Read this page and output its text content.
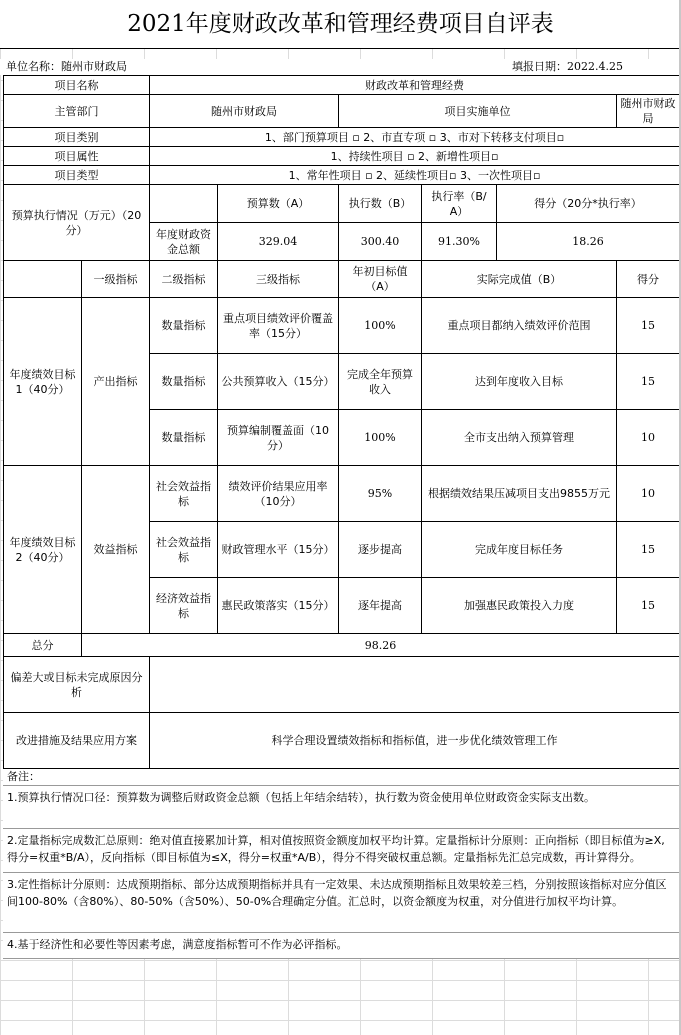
2021年度财政改革和管理经费项目自评表
单位名称：随州市财政局	填报日期：2022.4.25
项目名称		财政改革和管理经费					
主管部门		随州市财政局		项目实施单位			随州市财政局
项目类别		1、部门预算项目 ▫ 2、市直专项 ▫ 3、市对下转移支付项目▫					
项目属性		1、持续性项目 ▫ 2、新增性项目▫					
项目类型		1、常年性项目 ▫ 2、延续性项目▫ 3、一次性项目▫					
预算执行情况（万元）（20分）			预算数（A）	执行数（B）	执行率（B/A）	得分（20分*执行率）	
		年度财政资金总额	329.04	300.40	91.30%	18.26	
	一级指标	二级指标	三级指标	年初目标值（A）	实际完成值（B）		得分
年度绩效目标1（40分）	产出指标	数量指标	重点项目绩效评价覆盖率（15分）	100%	重点项目都纳入绩效评价范围		15
		数量指标	公共预算收入（15分）	完成全年预算收入	达到年度收入目标		15
		数量指标	预算编制覆盖面（10分）	100%	全市支出纳入预算管理		10
年度绩效目标2（40分）	效益指标	社会效益指标	绩效评价结果应用率（10分）	95%	根据绩效结果压减项目支出9855万元		10
		社会效益指标	财政管理水平（15分）	逐步提高	完成年度目标任务		15
		经济效益指标	惠民政策落实（15分）	逐年提高	加强惠民政策投入力度		15
总分	98.26						
偏差大或目标未完成原因分析							
改进措施及结果应用方案		科学合理设置绩效指标和指标值，进一步优化绩效管理工作					
备注：
1.预算执行情况口径：预算数为调整后财政资金总额（包括上年结余结转），执行数为资金使用单位财政资金实际支出数。
2.定量指标完成数汇总原则：绝对值直接累加计算，相对值按照资金额度加权平均计算。定量指标计分原则：正向指标（即目标值为≥X,得分=权重*B/A），反向指标（即目标值为≤X，得分=权重*A/B），得分不得突破权重总额。定量指标先汇总完成数，再计算得分。
3.定性指标计分原则：达成预期指标、部分达成预期指标并具有一定效果、未达成预期指标且效果较差三档，分别按照该指标对应分值区间100-80%（含80%）、80-50%（含50%）、50-0%合理确定分值。汇总时，以资金额度为权重，对分值进行加权平均计算。
4.基于经济性和必要性等因素考虑，满意度指标暂可不作为必评指标。
